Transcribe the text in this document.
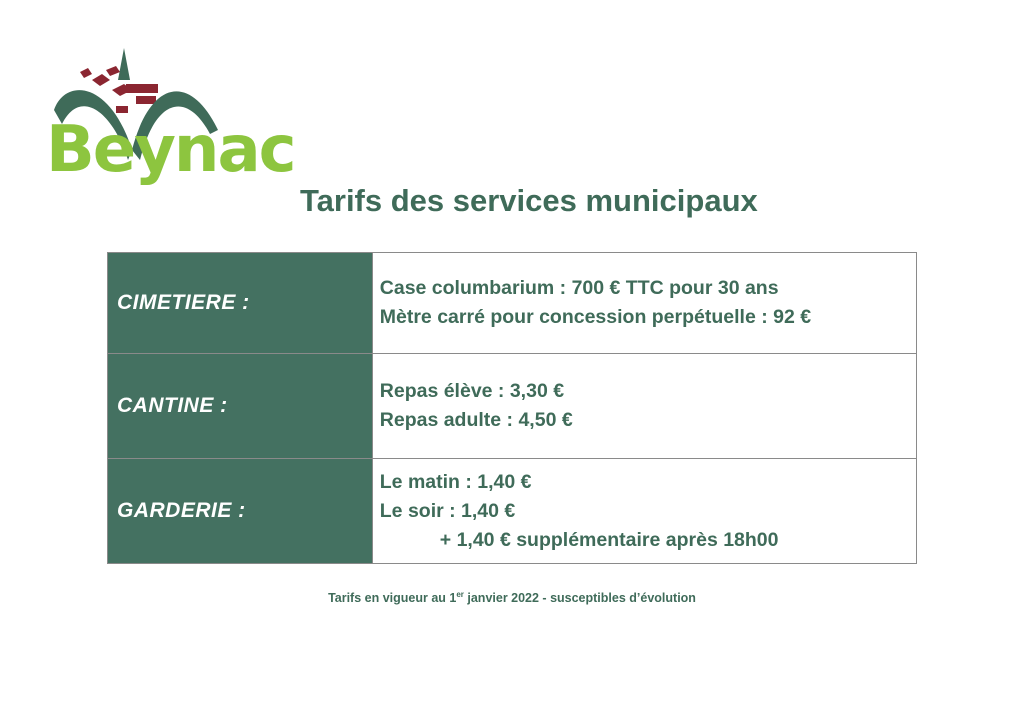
Beynac
Tarifs des services municipaux
CIMETIERE :	Case columbarium : 700 € TTC pour 30 ans
Mètre carré pour concession perpétuelle : 92 €

CANTINE :	Repas élève : 3,30 €
Repas adulte : 4,50 €

GARDERIE :	Le matin : 1,40 €
Le soir : 1,40 €
+ 1,40 € supplémentaire après 18h00
Tarifs en vigueur au 1er janvier 2022 - susceptibles d’évolution
